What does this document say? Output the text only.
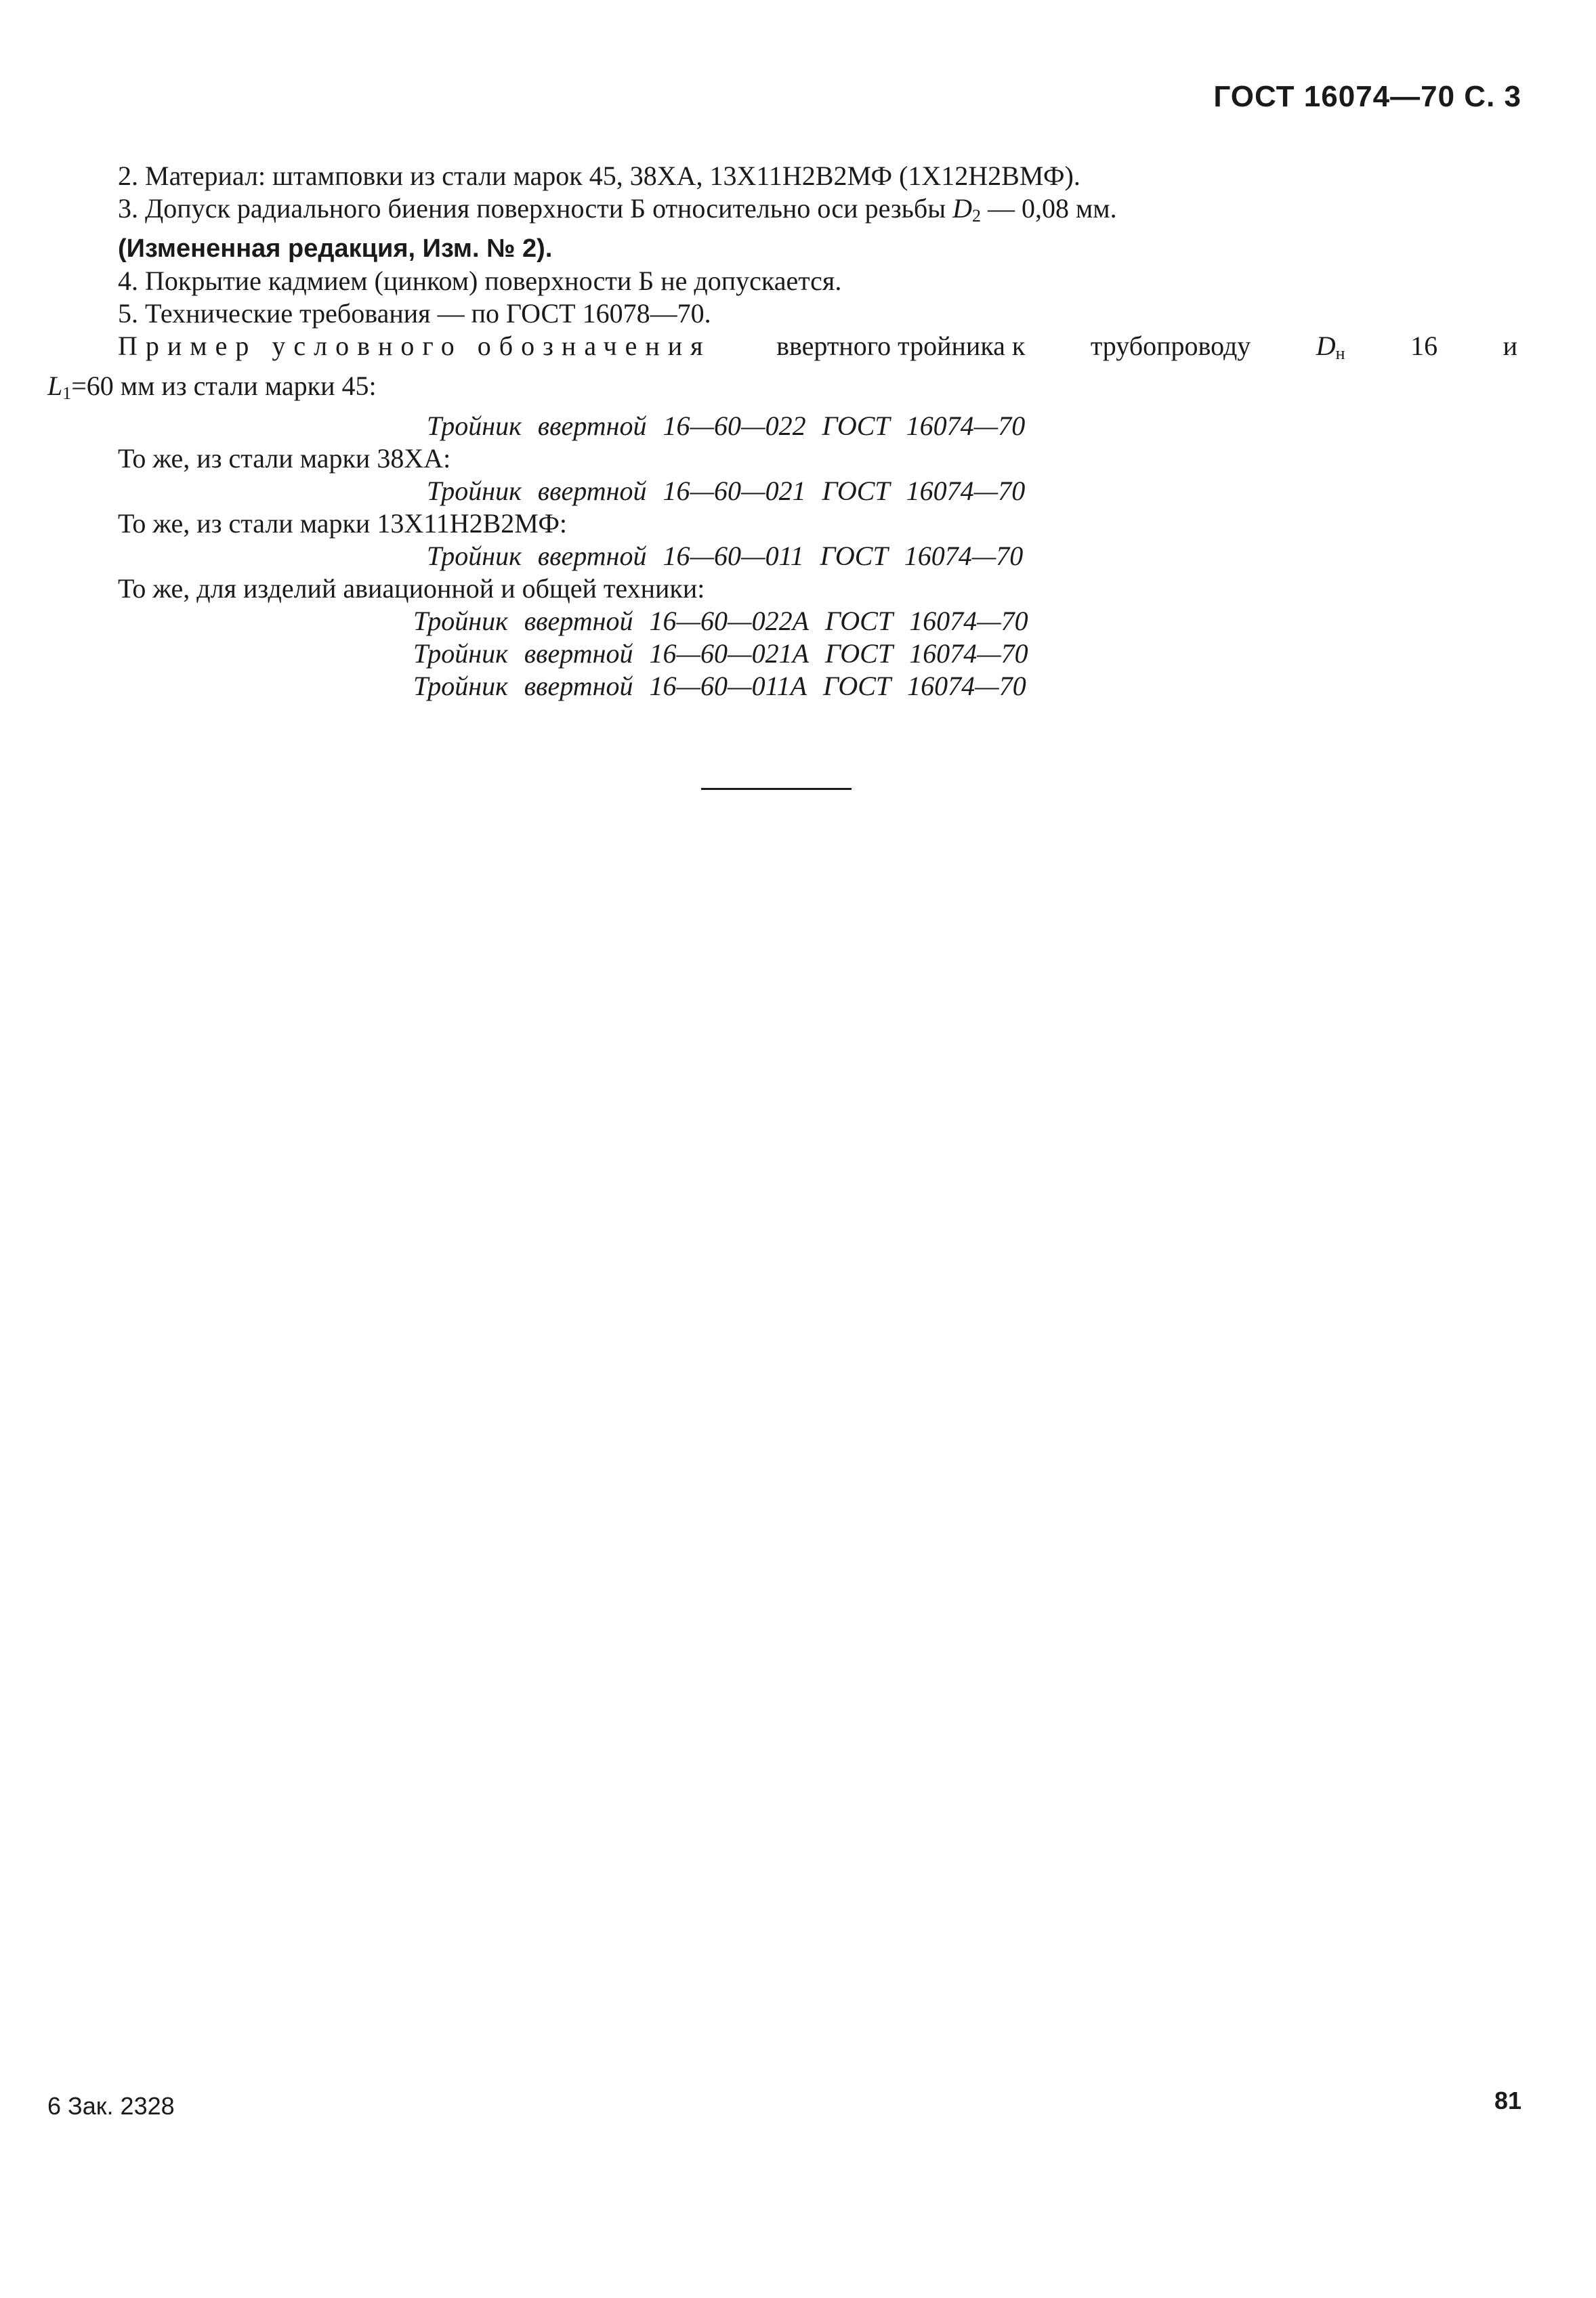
ГОСТ 16074—70 С. 3
2. Материал: штамповки из стали марок 45, 38ХА, 13Х11Н2В2МФ (1Х12Н2ВМФ).
3. Допуск радиального биения поверхности Б относительно оси резьбы $D_2$ — 0,08 мм.
(Измененная редакция, Изм. № 2).
4. Покрытие кадмием (цинком) поверхности Б не допускается.
5. Технические требования — по ГОСТ 16078—70.
Пример условного обозначения ввертного тройника к трубопроводу $D_н$ 16 и
$L_1=60$ мм из стали марки 45:
Тройник ввертной 16—60—022 ГОСТ 16074—70
То же, из стали марки 38ХА:
Тройник ввертной 16—60—021 ГОСТ 16074—70
То же, из стали марки 13Х11Н2В2МФ:
Тройник ввертной 16—60—011 ГОСТ 16074—70
То же, для изделий авиационной и общей техники:
Тройник ввертной 16—60—022А ГОСТ 16074—70
Тройник ввертной 16—60—021А ГОСТ 16074—70
Тройник ввертной 16—60—011А ГОСТ 16074—70
6 Зак. 2328	81
